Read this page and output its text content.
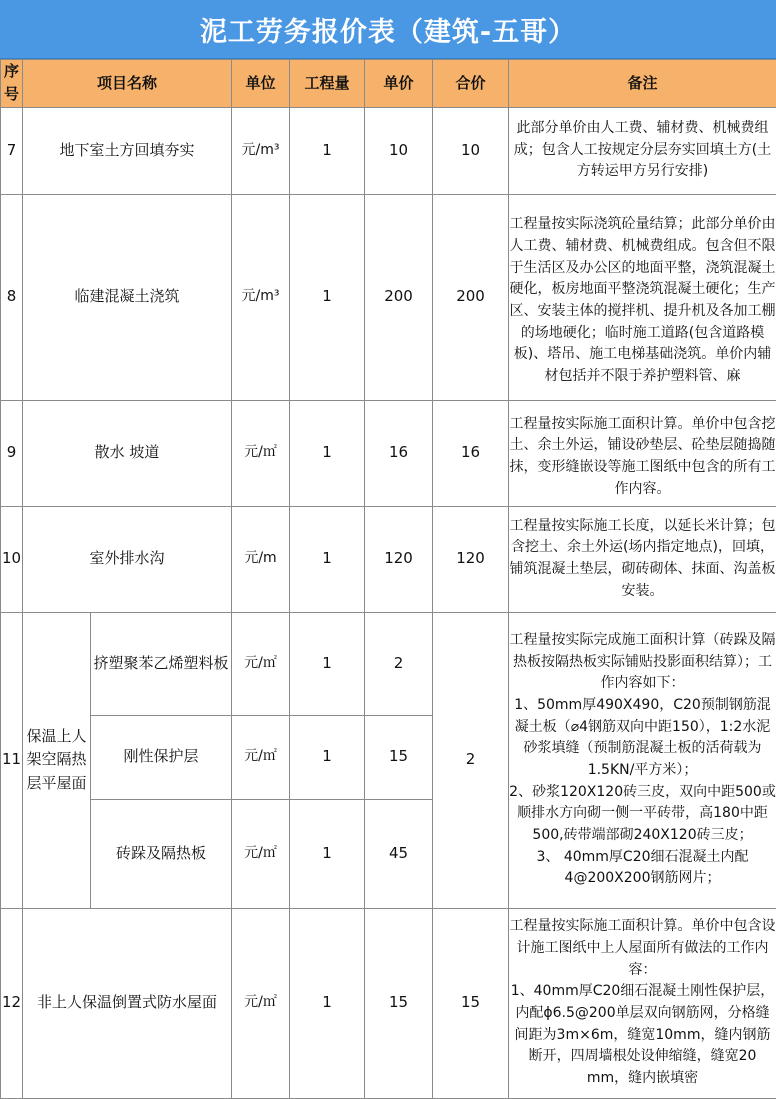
泥工劳务报价表（建筑-五哥）
序号	项目名称		单位	工程量	单价	合价	备注
7	地下室土方回填夯实		元/m³	1	10	10	此部分单价由人工费、辅材费、机械费组成；包含人工按规定分层夯实回填土方(土方转运甲方另行安排)
8	临建混凝土浇筑		元/m³	1	200	200	工程量按实际浇筑砼量结算；此部分单价由人工费、辅材费、机械费组成。包含但不限于生活区及办公区的地面平整，浇筑混凝土硬化，板房地面平整浇筑混凝土硬化；生产区、安装主体的搅拌机、提升机及各加工棚的场地硬化；临时施工道路(包含道路模板)、塔吊、施工电梯基础浇筑。单价内辅材包括并不限于养护塑料管、麻
9	散水 坡道		元/㎡	1	16	16	工程量按实际施工面积计算。单价中包含挖土、余土外运，铺设砂垫层、砼垫层随捣随抹，变形缝嵌设等施工图纸中包含的所有工作内容。
10	室外排水沟		元/m	1	120	120	工程量按实际施工长度，以延长米计算；包含挖土、余土外运(场内指定地点)，回填，铺筑混凝土垫层，砌砖砌体、抹面、沟盖板安装。
11	保温上人架空隔热层平屋面	挤塑聚苯乙烯塑料板	元/㎡	1	2	2	工程量按实际完成施工面积计算（砖跺及隔热板按隔热板实际铺贴投影面积结算）；工作内容如下：
1、50mm厚490X490，C20预制钢筋混凝土板（⌀4钢筋双向中距150），1:2水泥砂浆填缝（预制筋混凝土板的活荷载为1.5KN/平方米）；
2、砂浆120X120砖三皮，双向中距500或顺排水方向砌一侧一平砖带，高180中距500,砖带端部砌240X120砖三皮；
3、 40mm厚C20细石混凝土内配4@200X200钢筋网片；
		刚性保护层	元/㎡	1	15		
		砖跺及隔热板	元/㎡	1	45		
12	非上人保温倒置式防水屋面		元/㎡	1	15	15	工程量按实际施工面积计算。单价中包含设计施工图纸中上人屋面所有做法的工作内容：
1、40mm厚C20细石混凝土刚性保护层，内配ϕ6.5@200单层双向钢筋网，分格缝间距为3m×6m，缝宽10mm，缝内钢筋断开，四周墙根处设伸缩缝，缝宽20 mm，缝内嵌填密
